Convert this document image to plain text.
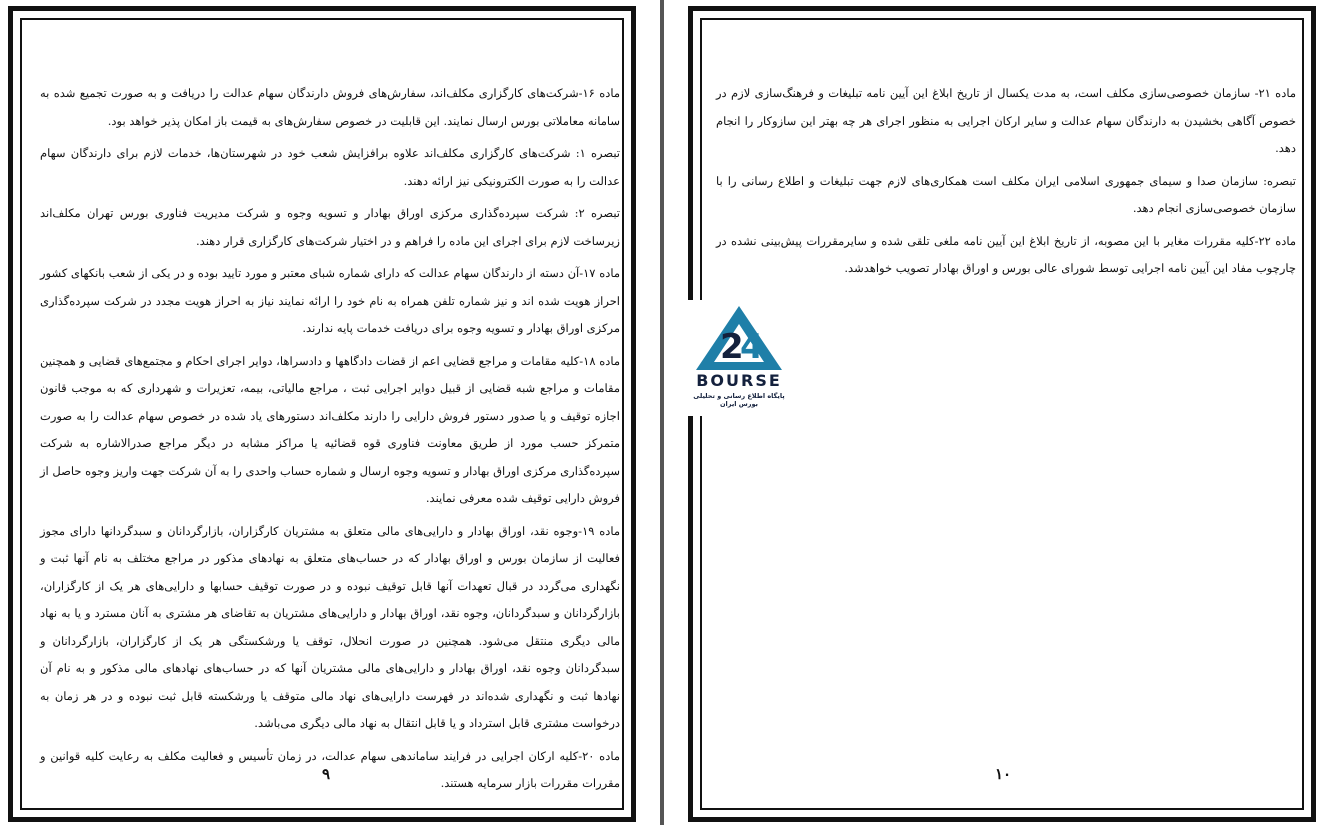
ماده ۱۶-شرکت‌های کارگزاری مکلف‌اند، سفارش‌های فروش دارندگان سهام عدالت را دریافت و به صورت تجمیع شده به سامانه معاملاتی بورس ارسال نمایند. این قابلیت در خصوص سفارش‌های به قیمت باز امکان پذیر خواهد بود.

تبصره ۱: شرکت‌های کارگزاری مکلف‌اند علاوه برافزایش شعب خود در شهرستان‌ها، خدمات لازم برای دارندگان سهام عدالت را به صورت الکترونیکی نیز ارائه دهند.

تبصره ۲: شرکت سپرده‌گذاری مرکزی اوراق بهادار و تسویه وجوه و شرکت مدیریت فناوری بورس تهران مکلف‌اند زیرساخت لازم برای اجرای این ماده را فراهم و در اختیار شرکت‌های کارگزاری قرار دهند.

ماده ۱۷-آن دسته از دارندگان سهام عدالت که دارای شماره شبای معتبر و مورد تایید بوده و در یکی از شعب بانکهای کشور احراز هویت شده اند و نیز شماره تلفن همراه به نام خود را ارائه نمایند نیاز به احراز هویت مجدد در شرکت سپرده‌گذاری مرکزی اوراق بهادار و تسویه وجوه برای دریافت خدمات پایه ندارند.

ماده ۱۸-کلیه مقامات و مراجع قضایی اعم از قضات دادگاهها و دادسراها، دوایر اجرای احکام و مجتمع‌های قضایی و همچنین مقامات و مراجع شبه قضایی از قبیل دوایر اجرایی ثبت ، مراجع مالیاتی، بیمه، تعزیرات و شهرداری که به موجب قانون اجازه توقیف و یا صدور دستور فروش دارایی را دارند مکلف‌اند دستورهای یاد شده در خصوص سهام عدالت را به صورت متمرکز حسب مورد از طریق معاونت فناوری قوه قضائیه یا مراکز مشابه در دیگر مراجع صدرالاشاره به شرکت سپرده‌گذاری مرکزی اوراق بهادار و تسویه وجوه ارسال و شماره حساب واحدی را به آن شرکت جهت واریز وجوه حاصل از فروش دارایی توقیف شده معرفی نمایند.

ماده ۱۹-وجوه نقد، اوراق بهادار و دارایی‌های مالی متعلق به مشتریان کارگزاران، بازارگردانان و سبدگردانها دارای مجوز فعالیت از سازمان بورس و اوراق بهادار که در حساب‌های متعلق به نهادهای مذکور در مراجع مختلف به نام آنها ثبت و نگهداری می‌گردد در قبال تعهدات آنها قابل توقیف نبوده و در صورت توقیف حسابها و دارایی‌های هر یک از کارگزاران، بازارگردانان و سبدگردانان، وجوه نقد، اوراق بهادار و دارایی‌های مشتریان به تقاضای هر مشتری به آنان مسترد و یا به نهاد مالی دیگری منتقل می‌شود. همچنین در صورت انحلال، توقف یا ورشکستگی هر یک از کارگزاران، بازارگردانان و سبدگردانان وجوه نقد، اوراق بهادار و دارایی‌های مالی مشتریان آنها که در حساب‌های نهادهای مالی مذکور و به نام آن نهادها ثبت و نگهداری شده‌اند در فهرست دارایی‌های نهاد مالی متوقف یا ورشکسته قابل ثبت نبوده و در هر زمان به درخواست مشتری قابل استرداد و یا قابل انتقال به نهاد مالی دیگری می‌باشد.

ماده ۲۰-کلیه ارکان اجرایی در فرایند ساماندهی سهام عدالت، در زمان تأسیس و فعالیت مکلف به رعایت کلیه قوانین و مقررات مقررات بازار سرمایه هستند.

۹

ماده ۲۱- سازمان خصوصی‌سازی مکلف است، به مدت یکسال از تاریخ ابلاغ این آیین نامه تبلیغات و فرهنگ‌سازی لازم در خصوص آگاهی بخشیدن به دارندگان سهام عدالت و سایر ارکان اجرایی به منظور اجرای هر چه بهتر این سازوکار را انجام دهد.

تبصره: سازمان صدا و سیمای جمهوری اسلامی ایران مکلف است همکاری‌های لازم جهت تبلیغات و اطلاع رسانی را با سازمان خصوصی‌سازی انجام دهد.

ماده ۲۲-کلیه مقررات مغایر با این مصوبه، از تاریخ ابلاغ این آیین نامه ملغی تلقی شده و سایرمقررات پیش‌بینی نشده در چارچوب مفاد این آیین نامه اجرایی توسط شورای عالی بورس و اوراق بهادار تصویب خواهدشد.

۱۰
2
4
BOURSE
پایگاه اطلاع رسانی و تحلیلی بورس ایران
